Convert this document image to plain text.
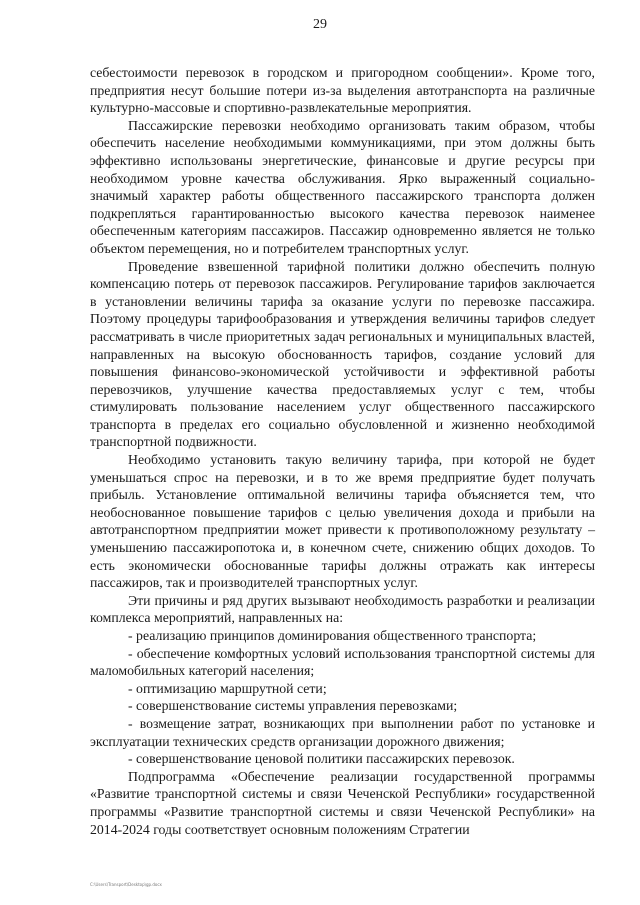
29

себестоимости перевозок в городском и пригородном сообщении». Кроме того, предприятия несут большие потери из-за выделения автотранспорта на различные культурно-массовые и спортивно-развлекательные мероприятия.

Пассажирские перевозки необходимо организовать таким образом, чтобы обеспечить население необходимыми коммуникациями, при этом должны быть эффективно использованы энергетические, финансовые и другие ресурсы при необходимом уровне качества обслуживания. Ярко выраженный социально-значимый характер работы общественного пассажирского транспорта должен подкрепляться гарантированностью высокого качества перевозок наименее обеспеченным категориям пассажиров. Пассажир одновременно является не только объектом перемещения, но и потребителем транспортных услуг.

Проведение взвешенной тарифной политики должно обеспечить полную компенсацию потерь от перевозок пассажиров. Регулирование тарифов заключается в установлении величины тарифа за оказание услуги по перевозке пассажира. Поэтому процедуры тарифообразования и утверждения величины тарифов следует рассматривать в числе приоритетных задач региональных и муниципальных властей, направленных на высокую обоснованность тарифов, создание условий для повышения финансово-экономической устойчивости и эффективной работы перевозчиков, улучшение качества предоставляемых услуг с тем, чтобы стимулировать пользование населением услуг общественного пассажирского транспорта в пределах его социально обусловленной и жизненно необходимой транспортной подвижности.

Необходимо установить такую величину тарифа, при которой не будет уменьшаться спрос на перевозки, и в то же время предприятие будет получать прибыль. Установление оптимальной величины тарифа объясняется тем, что необоснованное повышение тарифов с целью увеличения дохода и прибыли на автотранспортном предприятии может привести к противоположному результату – уменьшению пассажиропотока и, в конечном счете, снижению общих доходов. То есть экономически обоснованные тарифы должны отражать как интересы пассажиров, так и производителей транспортных услуг.

Эти причины и ряд других вызывают необходимость разработки и реализации комплекса мероприятий, направленных на:

- реализацию принципов доминирования общественного транспорта;

- обеспечение комфортных условий использования транспортной системы для маломобильных категорий населения;

- оптимизацию маршрутной сети;

- совершенствование системы управления перевозками;

- возмещение затрат, возникающих при выполнении работ по установке и эксплуатации технических средств организации дорожного движения;

- совершенствование ценовой политики пассажирских перевозок.

Подпрограмма «Обеспечение реализации государственной программы «Развитие транспортной системы и связи Чеченской Республики» государственной программы «Развитие транспортной системы и связи Чеченской Республики» на 2014-2024 годы соответствует основным положениям Стратегии

С:\Users\Transport\Desktop\gp.docx
